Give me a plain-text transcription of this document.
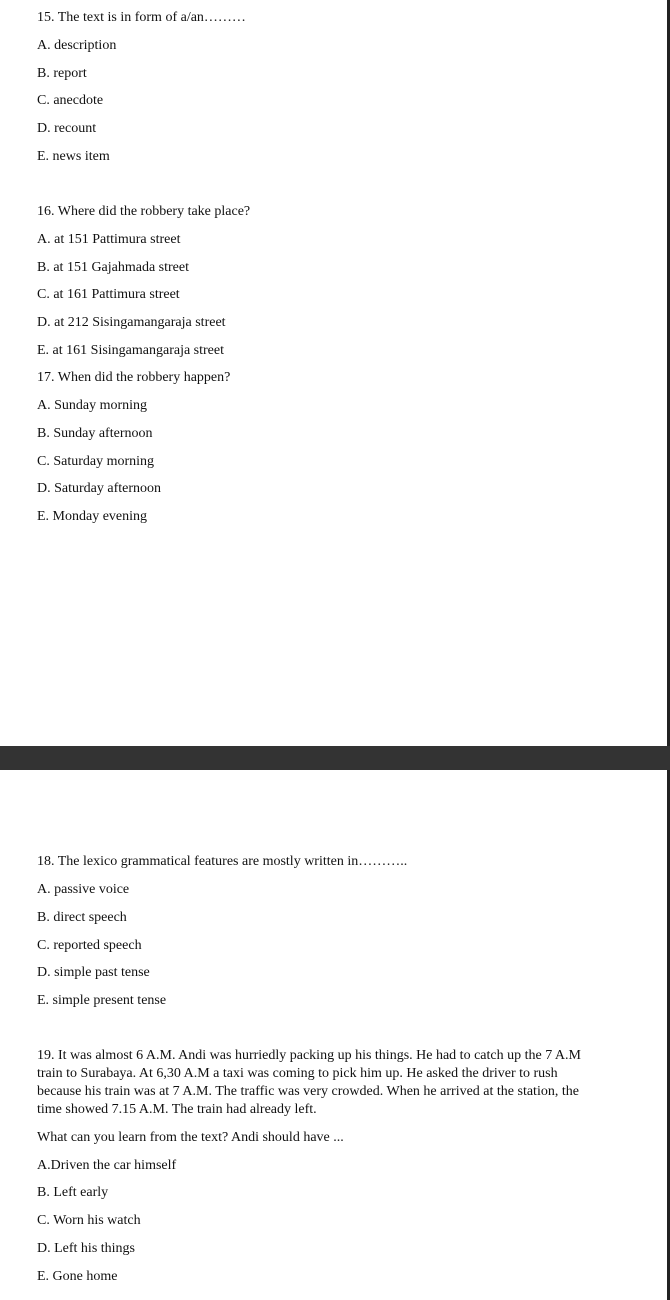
15. The text is in form of a/an………
A. description
B. report
C. anecdote
D. recount
E. news item
16. Where did the robbery take place?
A. at 151 Pattimura street
B. at 151 Gajahmada street
C. at 161 Pattimura street
D. at 212 Sisingamangaraja street
E. at 161 Sisingamangaraja street
17. When did the robbery happen?
A. Sunday morning
B. Sunday afternoon
C. Saturday morning
D. Saturday afternoon
E. Monday evening
18. The lexico grammatical features are mostly written in………..
A. passive voice
B. direct speech
C. reported speech
D. simple past tense
E. simple present tense
19. It was almost 6 A.M. Andi was hurriedly packing up his things. He had to catch up the 7 A.M train to Surabaya. At 6,30 A.M a taxi was coming to pick him up. He asked the driver to rush because his train was at 7 A.M. The traffic was very crowded. When he arrived at the station, the time showed 7.15 A.M. The train had already left.
What can you learn from the text? Andi should have ...
A.Driven the car himself
B. Left early
C. Worn his watch
D. Left his things
E. Gone home
